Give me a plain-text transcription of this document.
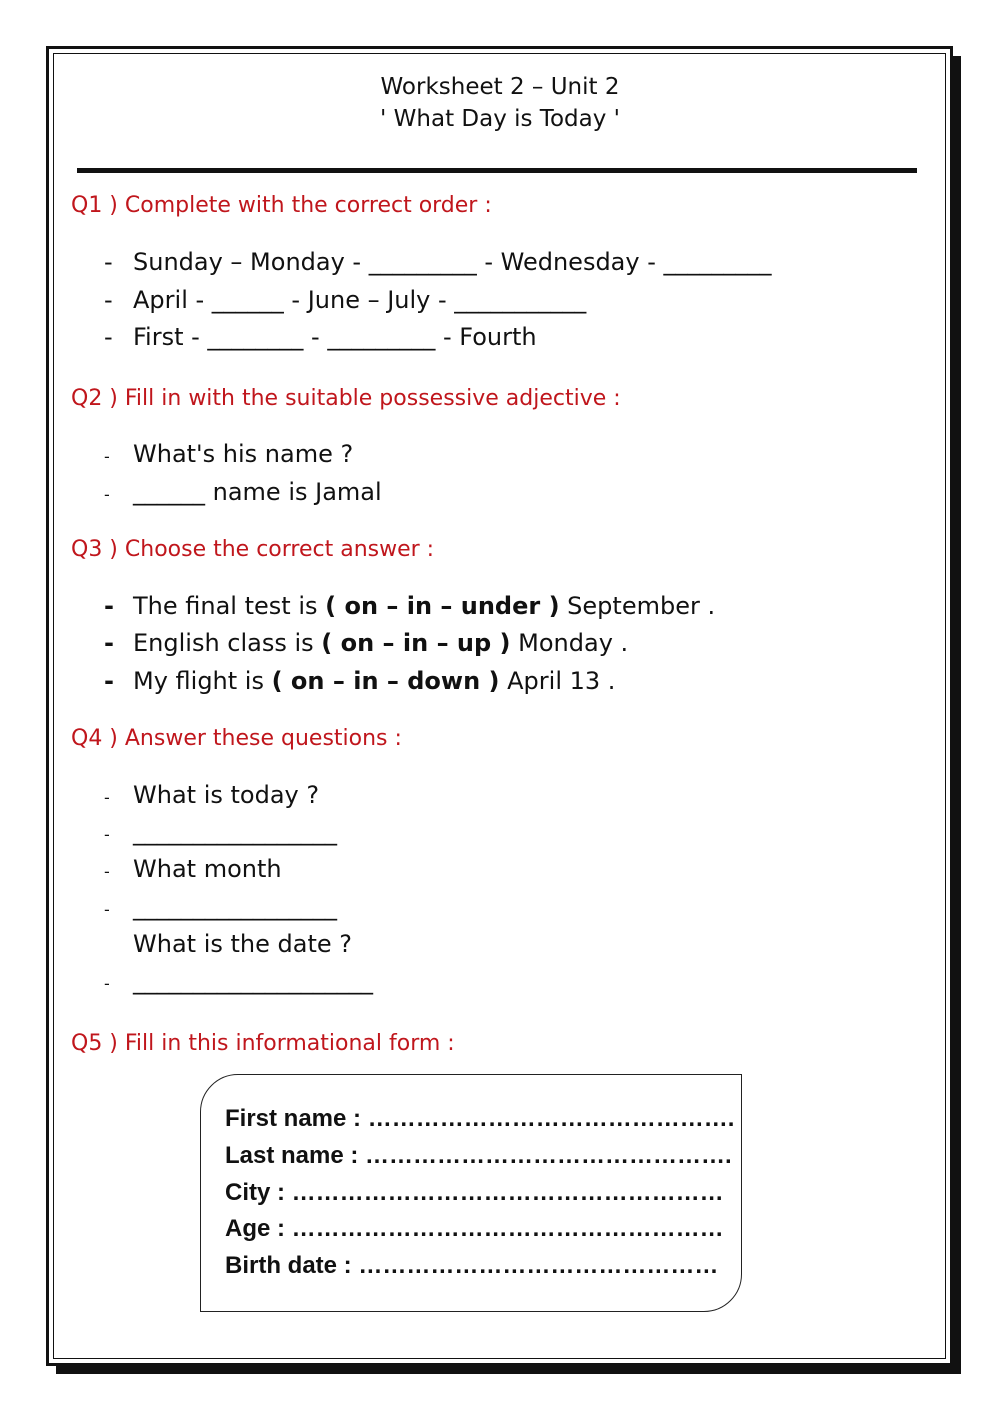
Worksheet 2 – Unit 2
' What Day is Today '
Q1 ) Complete with the correct order :
- Sunday – Monday - _________ - Wednesday - _________
- April - ______ - June – July - ___________
- First - ________ - _________ - Fourth
Q2 ) Fill in with the suitable possessive adjective :
- What's his name ?
- ______ name is Jamal
Q3 ) Choose the correct answer :
- The final test is ( on – in – under ) September .
- English class is ( on – in – up ) Monday .
- My flight is ( on – in – down ) April 13 .
Q4 ) Answer these questions :
- What is today ?
- _________________
- What month
- _________________
What is the date ?
- ____________________
Q5 ) Fill in this informational form :
First name : ……………………………………….
Last name : ……………………………………….
City : ………………………………………………
Age : ………………………………………………
Birth date : ………………………………………
